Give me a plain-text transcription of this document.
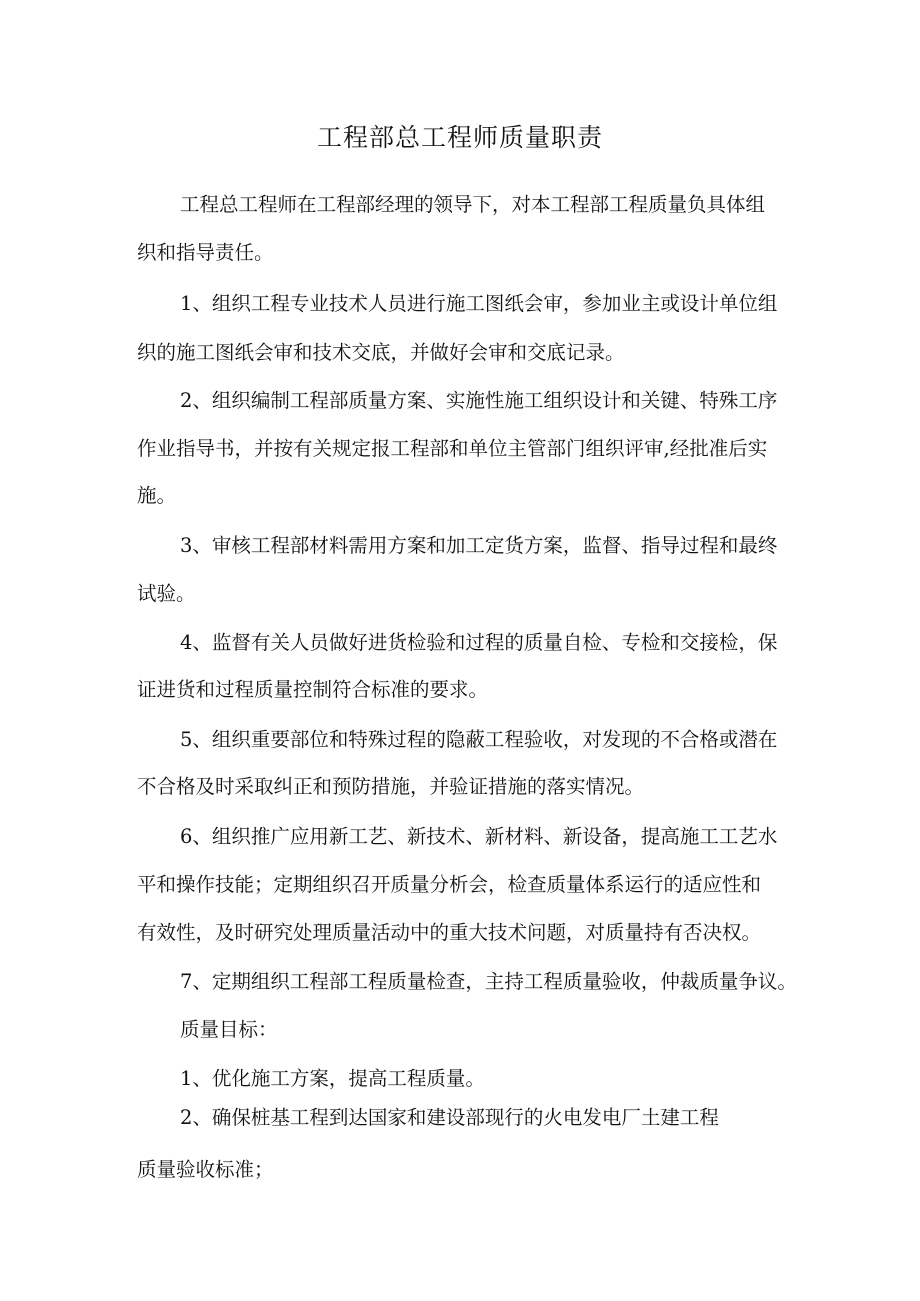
工程部总工程师质量职责
工程总工程师在工程部经理的领导下，对本工程部工程质量负具体组
织和指导责任。
1、组织工程专业技术人员进行施工图纸会审，参加业主或设计单位组
织的施工图纸会审和技术交底，并做好会审和交底记录。
2、组织编制工程部质量方案、实施性施工组织设计和关键、特殊工序
作业指导书，并按有关规定报工程部和单位主管部门组织评审,经批准后实
施。
3、审核工程部材料需用方案和加工定货方案，监督、指导过程和最终
试验。
4、监督有关人员做好进货检验和过程的质量自检、专检和交接检，保
证进货和过程质量控制符合标准的要求。
5、组织重要部位和特殊过程的隐蔽工程验收，对发现的不合格或潜在
不合格及时采取纠正和预防措施，并验证措施的落实情况。
6、组织推广应用新工艺、新技术、新材料、新设备，提高施工工艺水
平和操作技能；定期组织召开质量分析会，检查质量体系运行的适应性和
有效性，及时研究处理质量活动中的重大技术问题，对质量持有否决权。
7、定期组织工程部工程质量检查，主持工程质量验收，仲裁质量争议。
质量目标：
1、优化施工方案，提高工程质量。
2、确保桩基工程到达国家和建设部现行的火电发电厂土建工程
质量验收标准；
